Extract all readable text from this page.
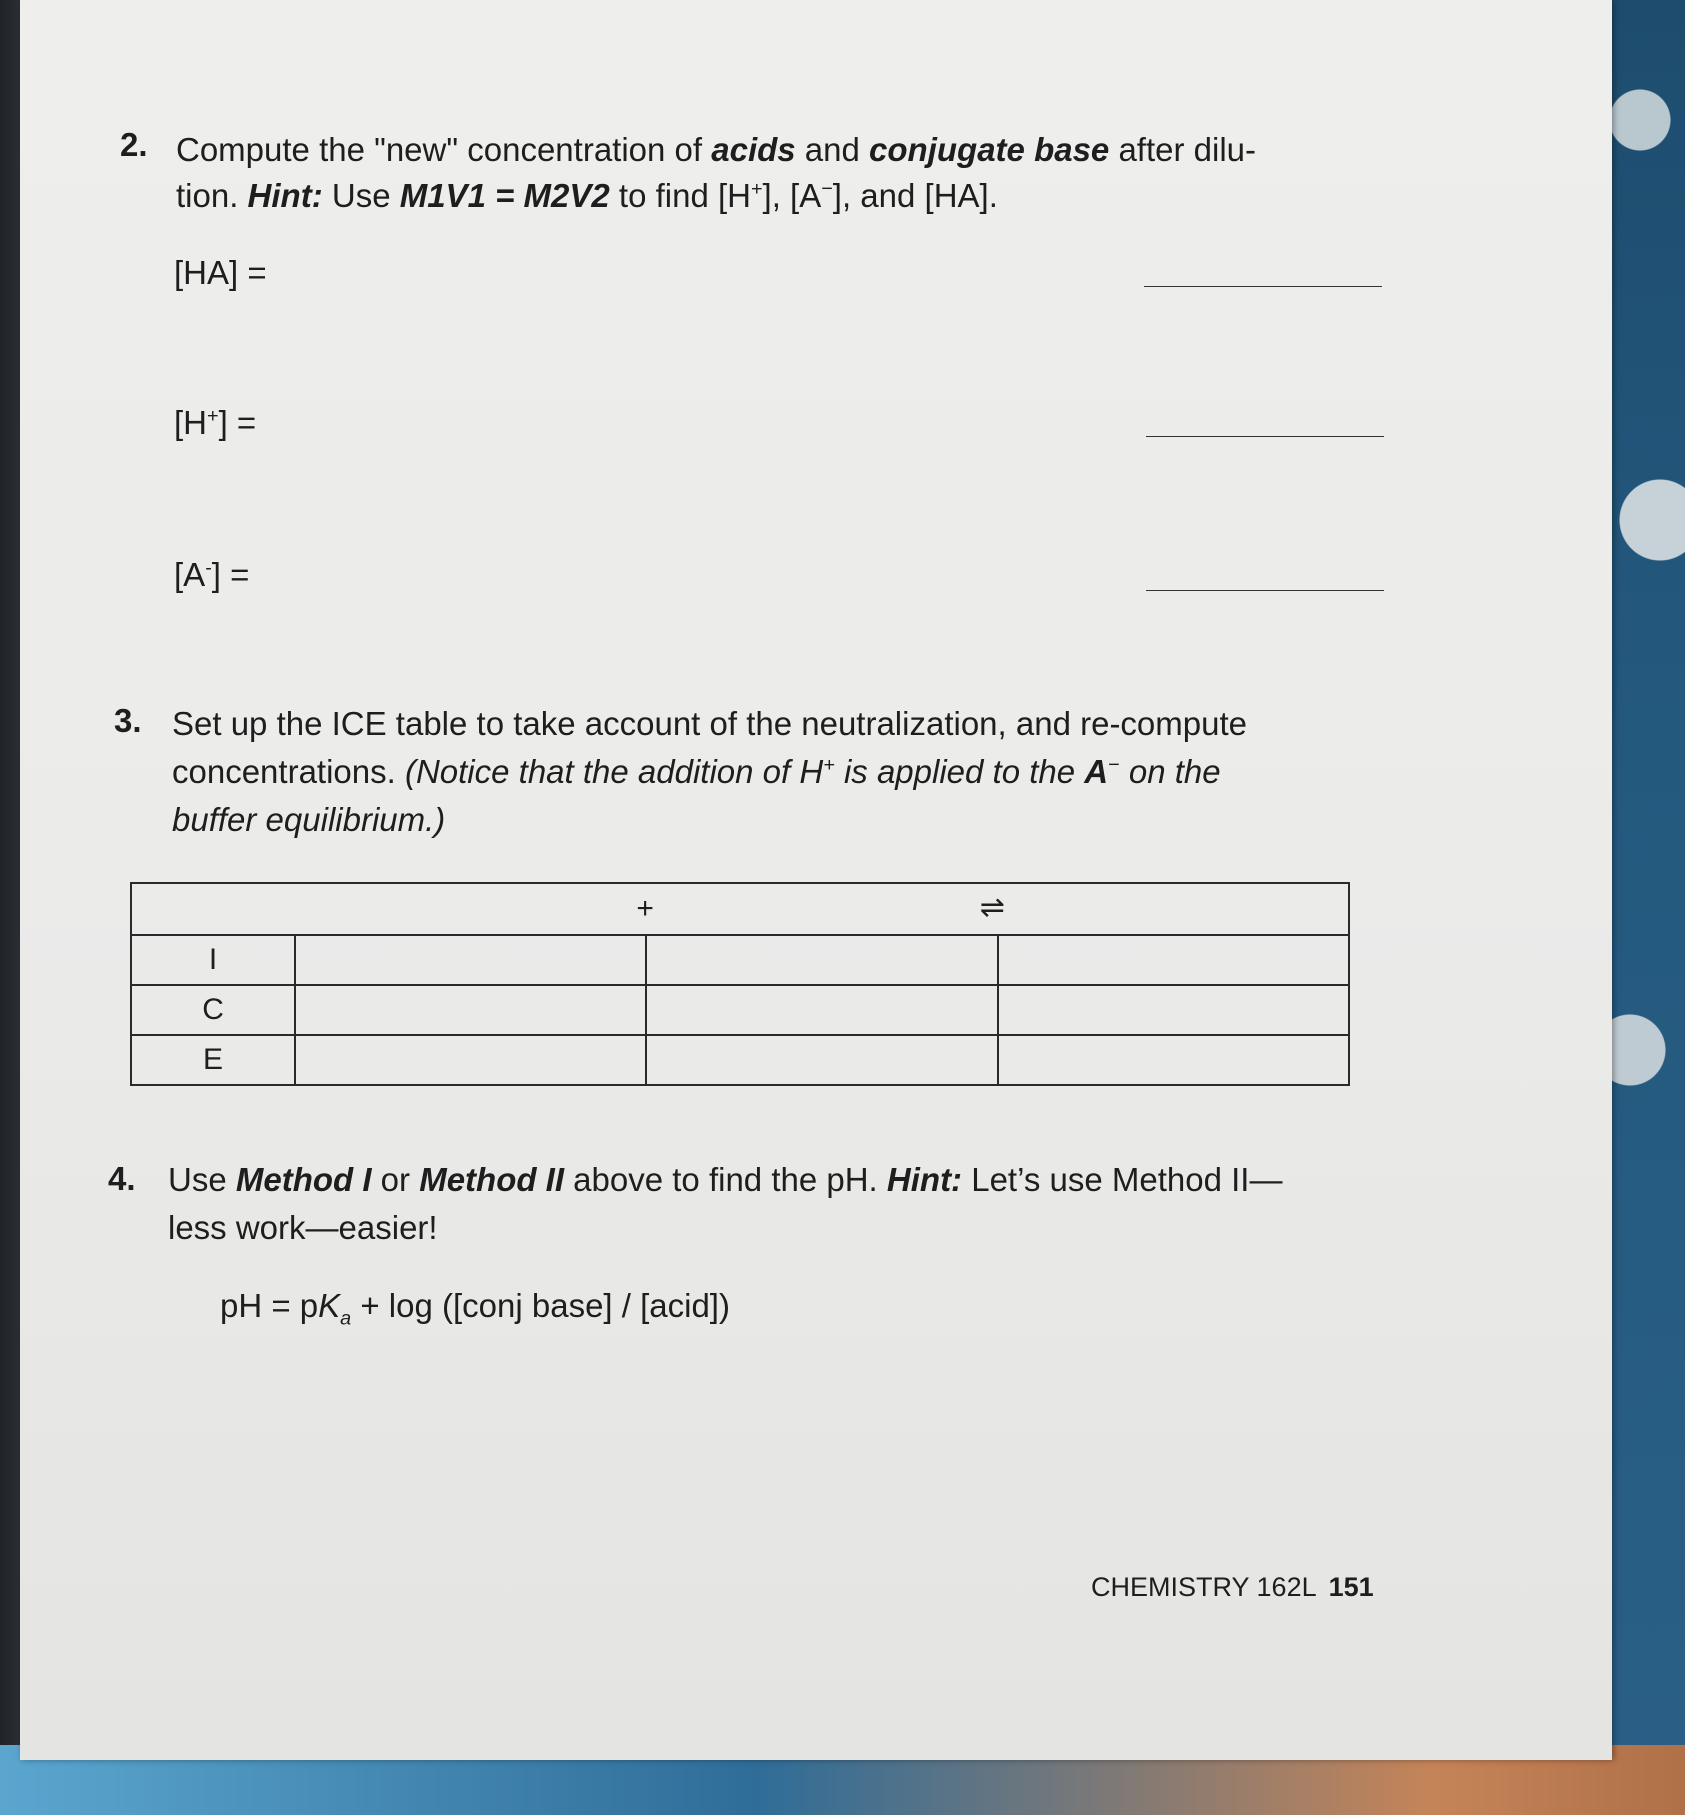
2. Compute the "new" concentration of acids and conjugate base after dilu-
tion. Hint: Use M1V1 = M2V2 to find [H+], [A−], and [HA].
[HA] =
[H+] =
[A-] =
3. Set up the ICE table to take account of the neutralization, and re-compute
concentrations. (Notice that the addition of H+ is applied to the A− on the
buffer equilibrium.)

		+	⇌

I			
C			
E			
4. Use Method I or Method II above to find the pH. Hint: Let’s use Method II—
less work—easier!
pH = $pK_a + \log$ ([conj base] / [acid])
CHEMISTRY 162L 151
